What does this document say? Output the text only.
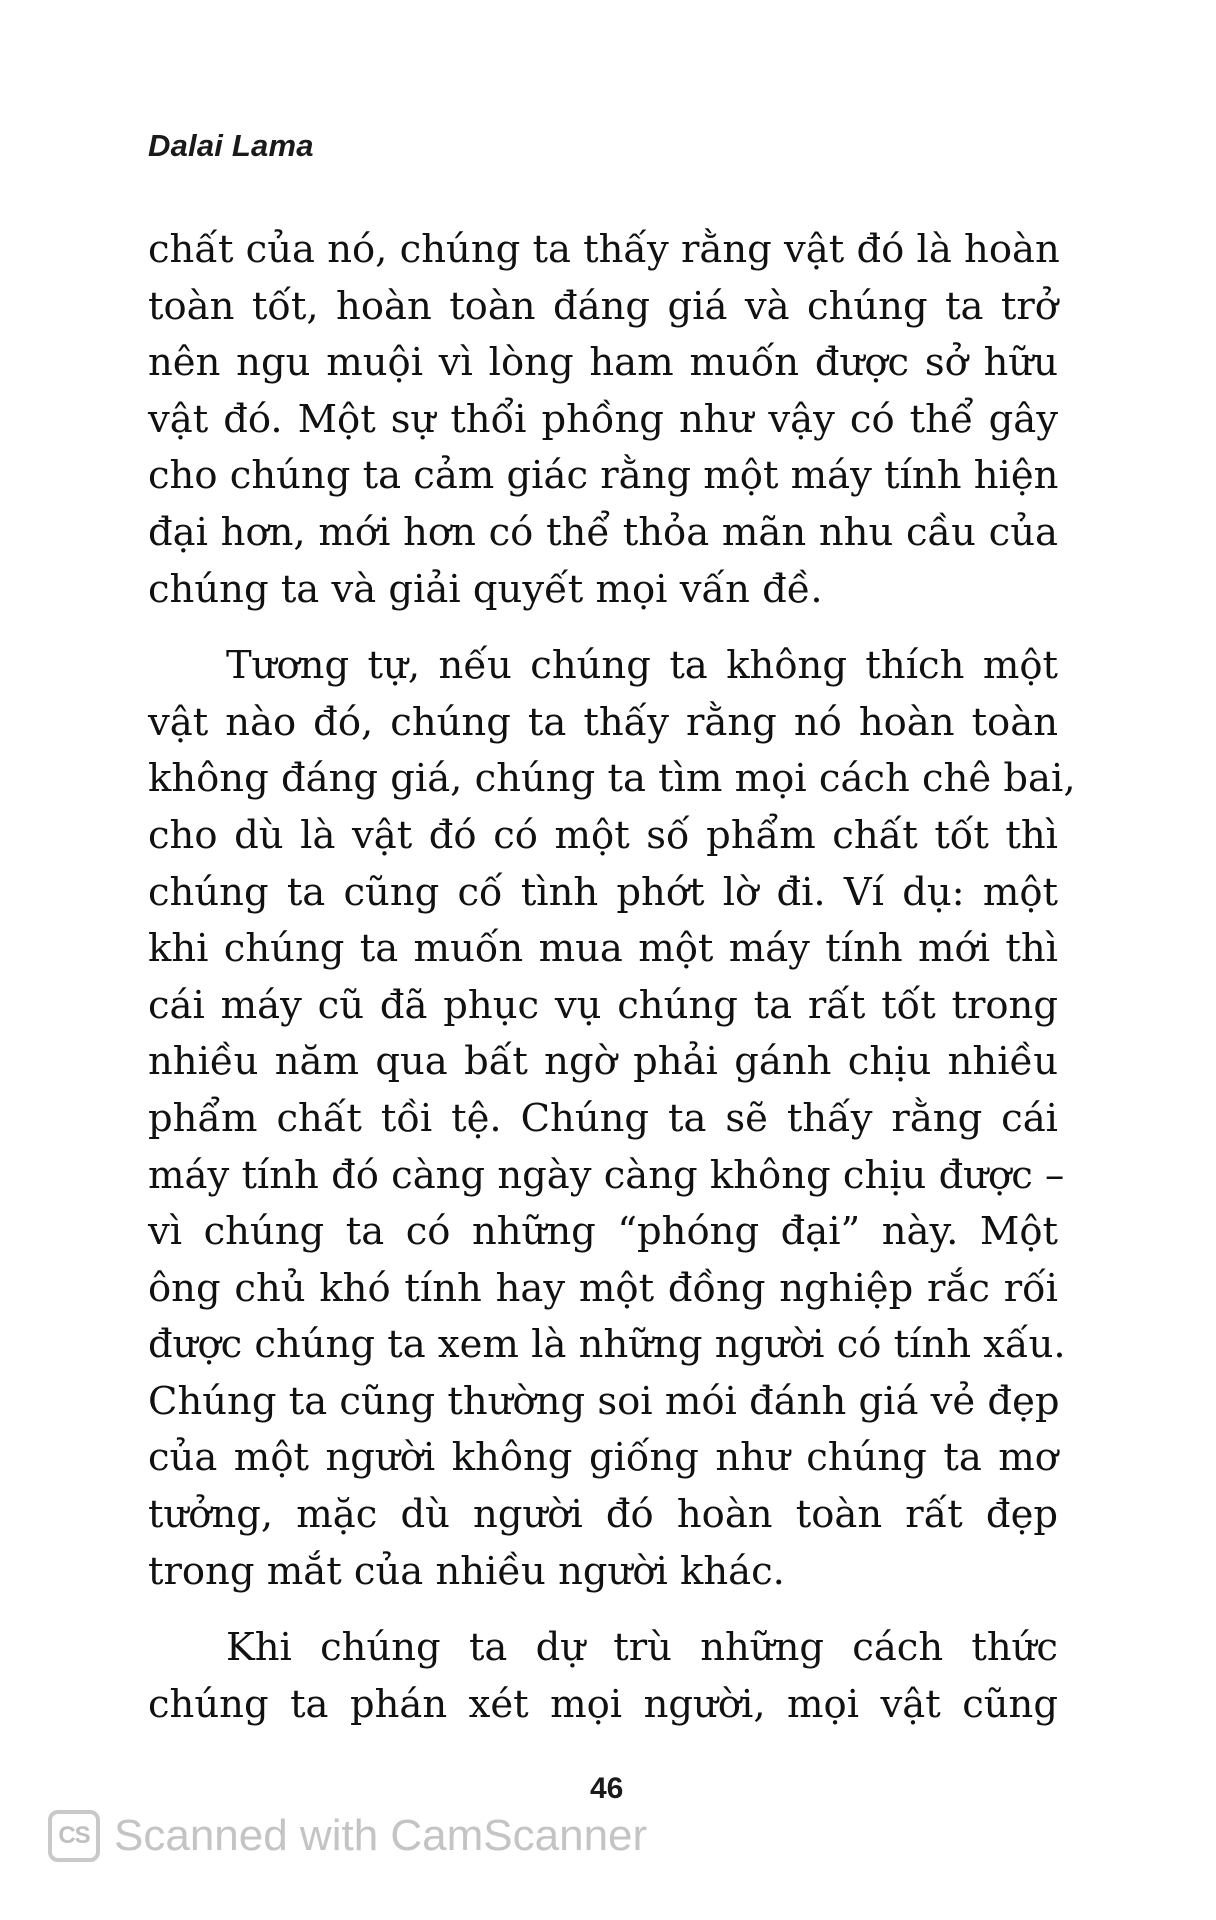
Dalai Lama

chất của nó, chúng ta thấy rằng vật đó là hoàn
toàn tốt, hoàn toàn đáng giá và chúng ta trở
nên ngu muội vì lòng ham muốn được sở hữu
vật đó. Một sự thổi phồng như vậy có thể gây
cho chúng ta cảm giác rằng một máy tính hiện
đại hơn, mới hơn có thể thỏa mãn nhu cầu của
chúng ta và giải quyết mọi vấn đề.

Tương tự, nếu chúng ta không thích một
vật nào đó, chúng ta thấy rằng nó hoàn toàn
không đáng giá, chúng ta tìm mọi cách chê bai,
cho dù là vật đó có một số phẩm chất tốt thì
chúng ta cũng cố tình phớt lờ đi. Ví dụ: một
khi chúng ta muốn mua một máy tính mới thì
cái máy cũ đã phục vụ chúng ta rất tốt trong
nhiều năm qua bất ngờ phải gánh chịu nhiều
phẩm chất tồi tệ. Chúng ta sẽ thấy rằng cái
máy tính đó càng ngày càng không chịu được –
vì chúng ta có những “phóng đại” này. Một
ông chủ khó tính hay một đồng nghiệp rắc rối
được chúng ta xem là những người có tính xấu.
Chúng ta cũng thường soi mói đánh giá vẻ đẹp
của một người không giống như chúng ta mơ
tưởng, mặc dù người đó hoàn toàn rất đẹp
trong mắt của nhiều người khác.

Khi chúng ta dự trù những cách thức
chúng ta phán xét mọi người, mọi vật cũng

46
CS Scanned with CamScanner
